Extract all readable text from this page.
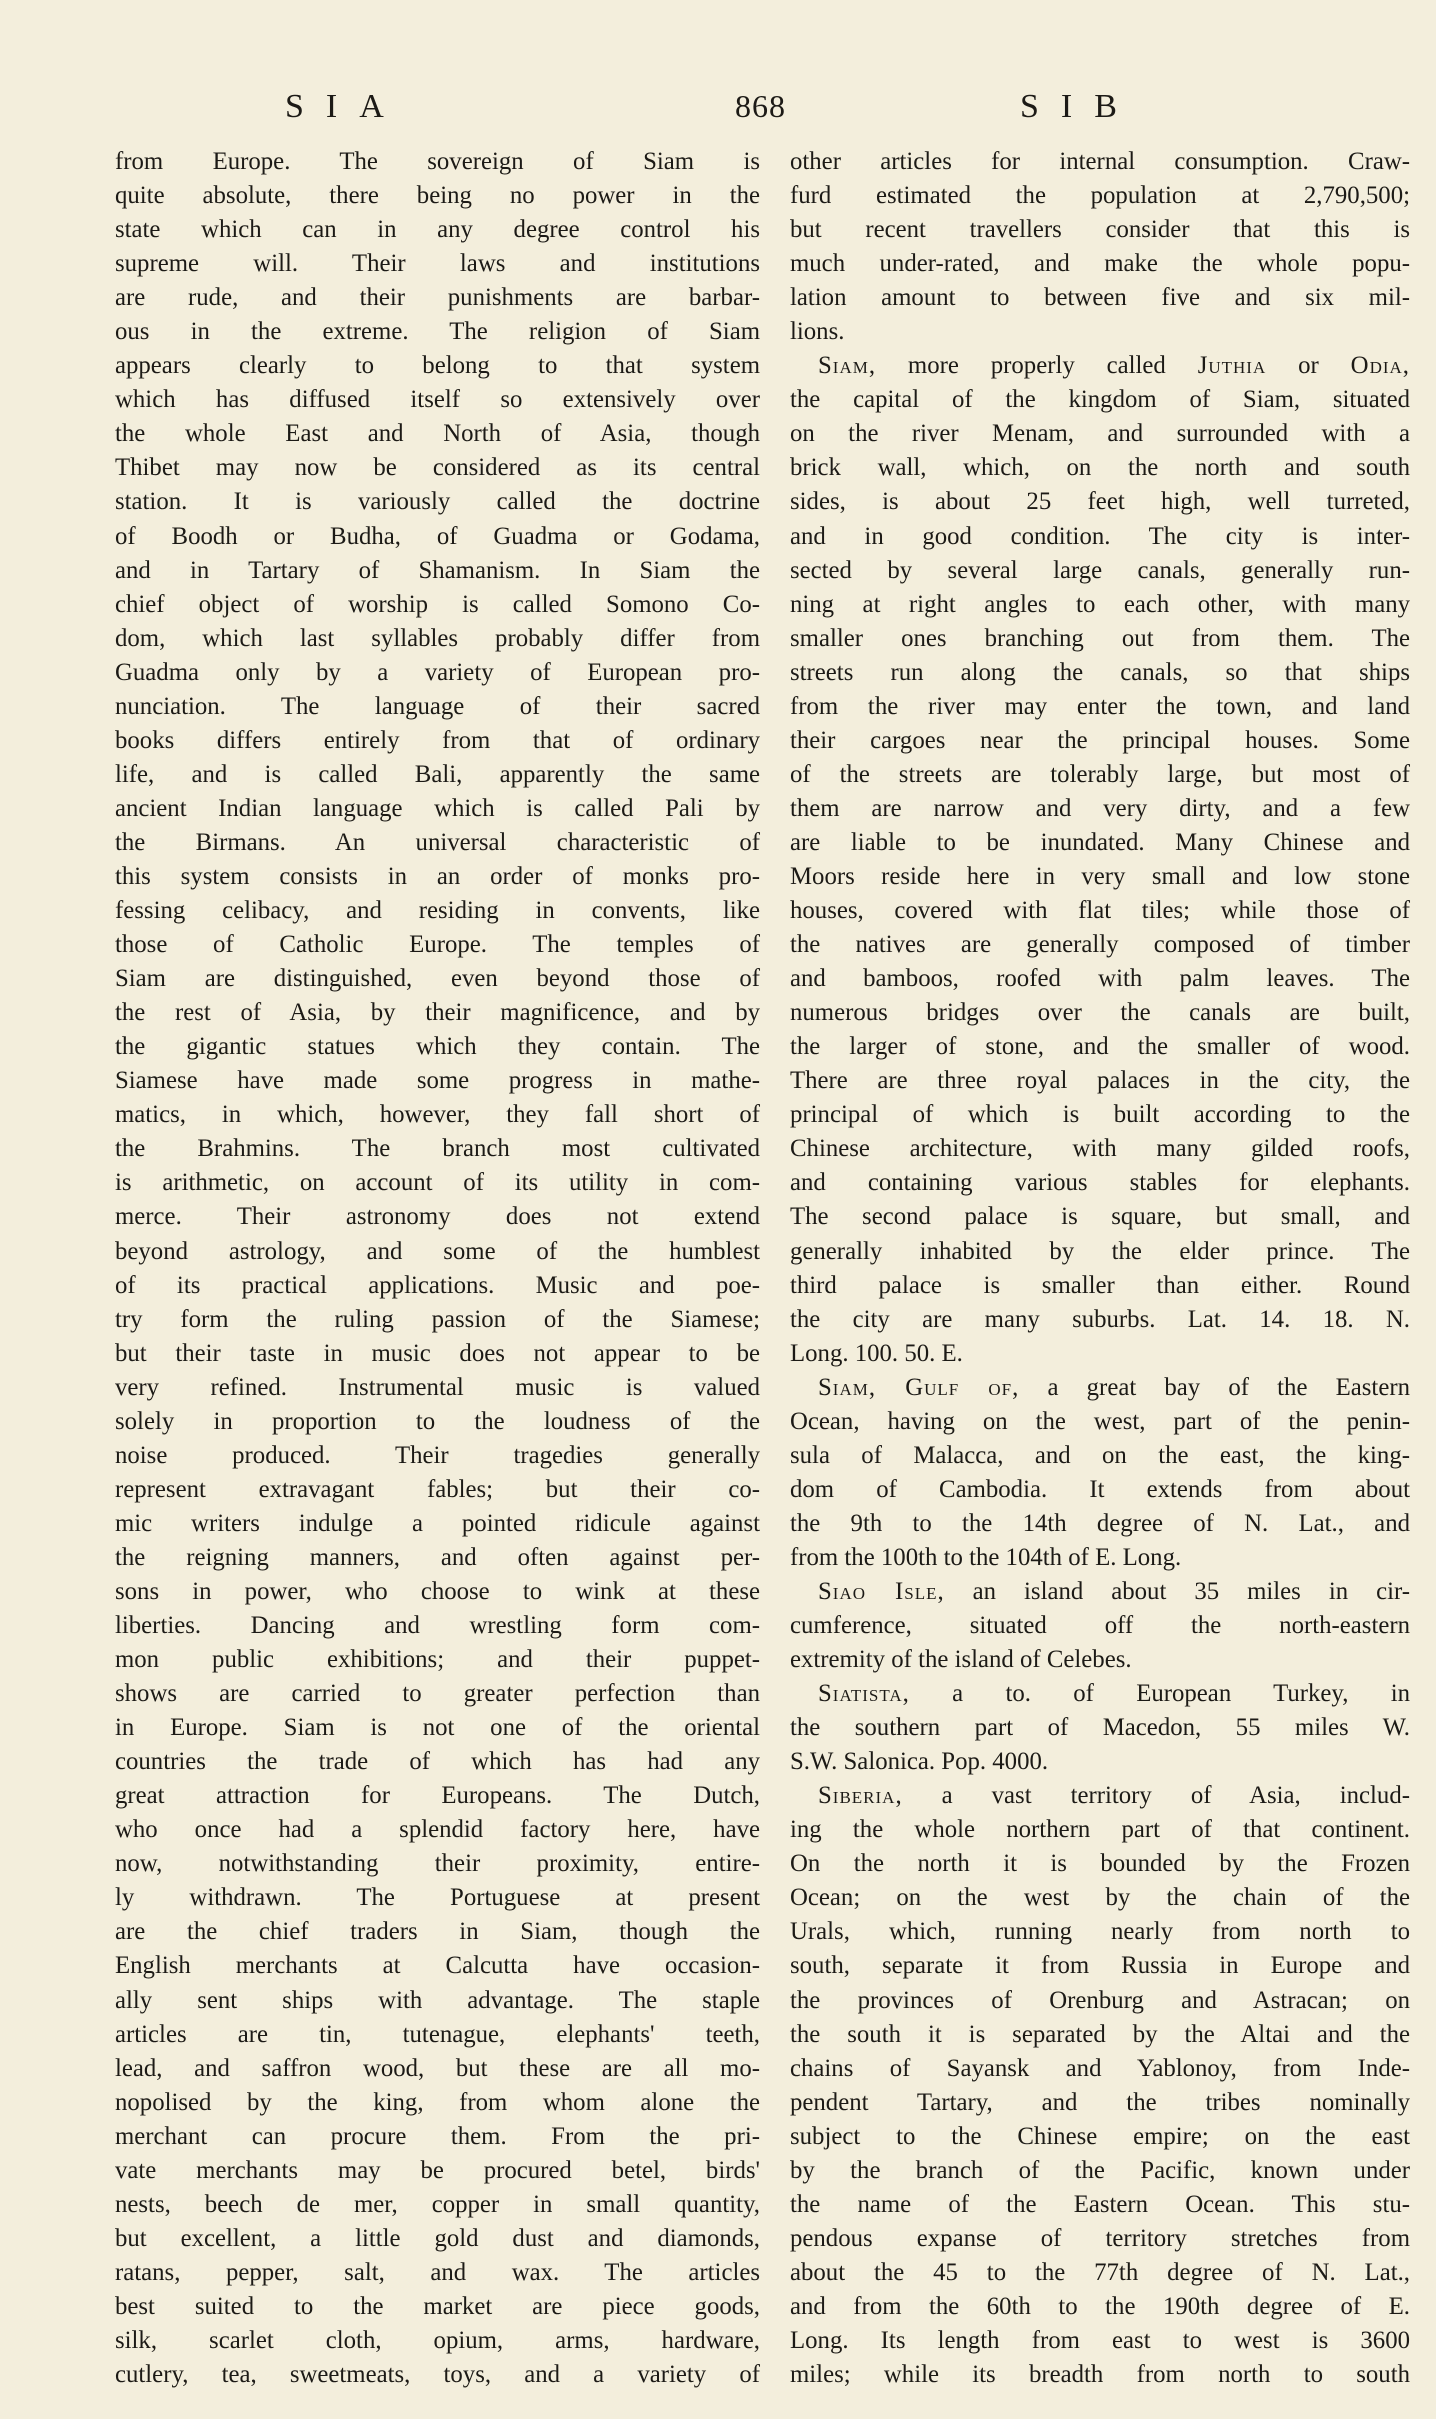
SIA	868	SIB
from Europe. The sovereign of Siam is
quite absolute, there being no power in the
state which can in any degree control his
supreme will. Their laws and institutions
are rude, and their punishments are barbar-
ous in the extreme. The religion of Siam
appears clearly to belong to that system
which has diffused itself so extensively over
the whole East and North of Asia, though
Thibet may now be considered as its central
station. It is variously called the doctrine
of Boodh or Budha, of Guadma or Godama,
and in Tartary of Shamanism. In Siam the
chief object of worship is called Somono Co-
dom, which last syllables probably differ from
Guadma only by a variety of European pro-
nunciation. The language of their sacred
books differs entirely from that of ordinary
life, and is called Bali, apparently the same
ancient Indian language which is called Pali by
the Birmans. An universal characteristic of
this system consists in an order of monks pro-
fessing celibacy, and residing in convents, like
those of Catholic Europe. The temples of
Siam are distinguished, even beyond those of
the rest of Asia, by their magnificence, and by
the gigantic statues which they contain. The
Siamese have made some progress in mathe-
matics, in which, however, they fall short of
the Brahmins. The branch most cultivated
is arithmetic, on account of its utility in com-
merce. Their astronomy does not extend
beyond astrology, and some of the humblest
of its practical applications. Music and poe-
try form the ruling passion of the Siamese;
but their taste in music does not appear to be
very refined. Instrumental music is valued
solely in proportion to the loudness of the
noise produced. Their tragedies generally
represent extravagant fables; but their co-
mic writers indulge a pointed ridicule against
the reigning manners, and often against per-
sons in power, who choose to wink at these
liberties. Dancing and wrestling form com-
mon public exhibitions; and their puppet-
shows are carried to greater perfection than
in Europe. Siam is not one of the oriental
countries the trade of which has had any
great attraction for Europeans. The Dutch,
who once had a splendid factory here, have
now, notwithstanding their proximity, entire-
ly withdrawn. The Portuguese at present
are the chief traders in Siam, though the
English merchants at Calcutta have occasion-
ally sent ships with advantage. The staple
articles are tin, tutenague, elephants' teeth,
lead, and saffron wood, but these are all mo-
nopolised by the king, from whom alone the
merchant can procure them. From the pri-
vate merchants may be procured betel, birds'
nests, beech de mer, copper in small quantity,
but excellent, a little gold dust and diamonds,
ratans, pepper, salt, and wax. The articles
best suited to the market are piece goods,
silk, scarlet cloth, opium, arms, hardware,
cutlery, tea, sweetmeats, toys, and a variety of
other articles for internal consumption. Craw-
furd estimated the population at 2,790,500;
but recent travellers consider that this is
much under-rated, and make the whole popu-
lation amount to between five and six mil-
lions.
Siam, more properly called Juthia or Odia,
the capital of the kingdom of Siam, situated
on the river Menam, and surrounded with a
brick wall, which, on the north and south
sides, is about 25 feet high, well turreted,
and in good condition. The city is inter-
sected by several large canals, generally run-
ning at right angles to each other, with many
smaller ones branching out from them. The
streets run along the canals, so that ships
from the river may enter the town, and land
their cargoes near the principal houses. Some
of the streets are tolerably large, but most of
them are narrow and very dirty, and a few
are liable to be inundated. Many Chinese and
Moors reside here in very small and low stone
houses, covered with flat tiles; while those of
the natives are generally composed of timber
and bamboos, roofed with palm leaves. The
numerous bridges over the canals are built,
the larger of stone, and the smaller of wood.
There are three royal palaces in the city, the
principal of which is built according to the
Chinese architecture, with many gilded roofs,
and containing various stables for elephants.
The second palace is square, but small, and
generally inhabited by the elder prince. The
third palace is smaller than either. Round
the city are many suburbs. Lat. 14. 18. N.
Long. 100. 50. E.
Siam, Gulf of, a great bay of the Eastern
Ocean, having on the west, part of the penin-
sula of Malacca, and on the east, the king-
dom of Cambodia. It extends from about
the 9th to the 14th degree of N. Lat., and
from the 100th to the 104th of E. Long.
Siao Isle, an island about 35 miles in cir-
cumference, situated off the north-eastern
extremity of the island of Celebes.
Siatista, a to. of European Turkey, in
the southern part of Macedon, 55 miles W.
S.W. Salonica. Pop. 4000.
Siberia, a vast territory of Asia, includ-
ing the whole northern part of that continent.
On the north it is bounded by the Frozen
Ocean; on the west by the chain of the
Urals, which, running nearly from north to
south, separate it from Russia in Europe and
the provinces of Orenburg and Astracan; on
the south it is separated by the Altai and the
chains of Sayansk and Yablonoy, from Inde-
pendent Tartary, and the tribes nominally
subject to the Chinese empire; on the east
by the branch of the Pacific, known under
the name of the Eastern Ocean. This stu-
pendous expanse of territory stretches from
about the 45 to the 77th degree of N. Lat.,
and from the 60th to the 190th degree of E.
Long. Its length from east to west is 3600
miles; while its breadth from north to south
